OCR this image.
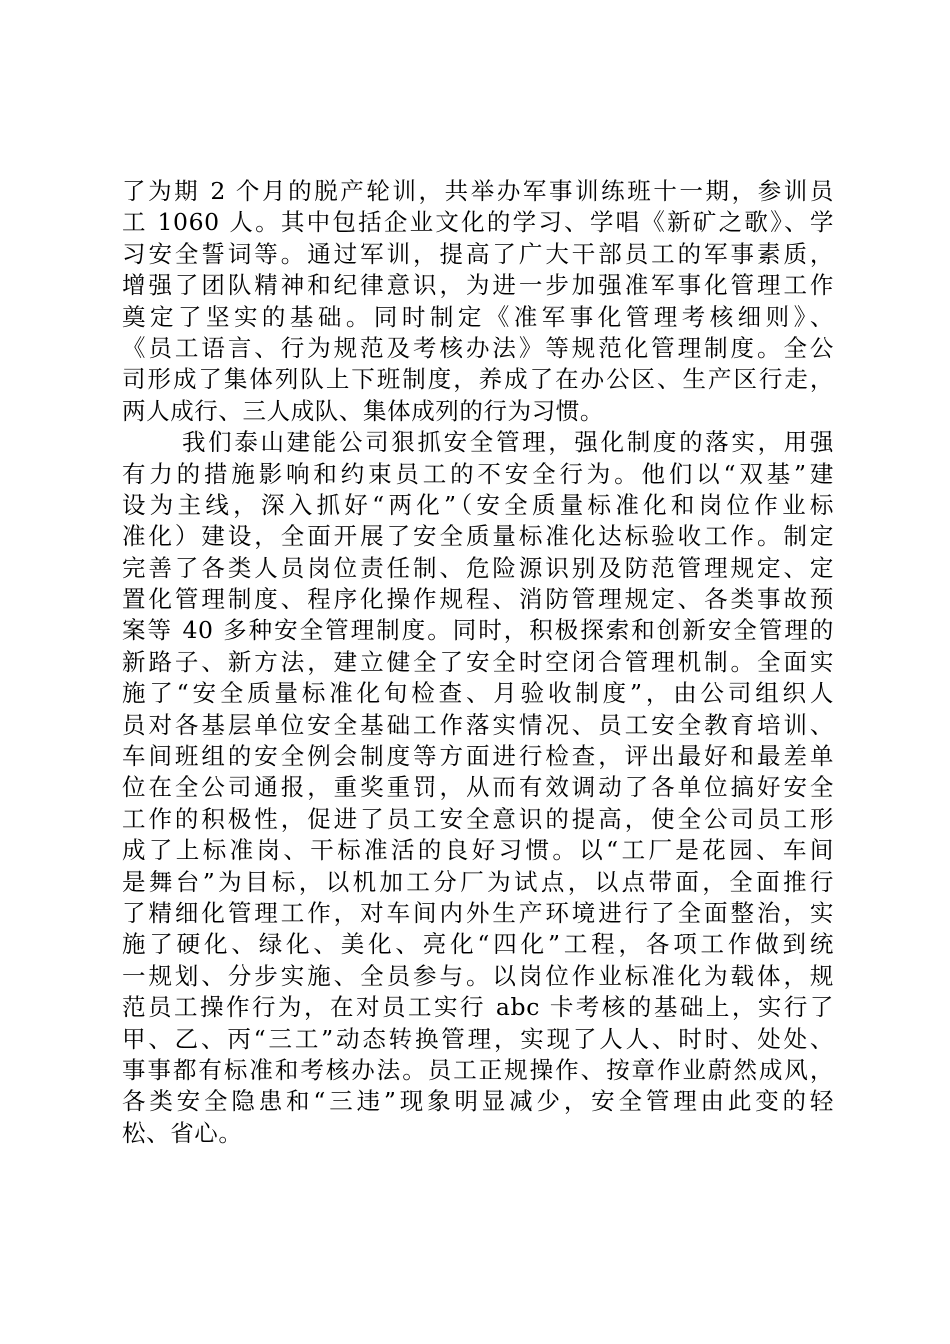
了为期 2 个月的脱产轮训，共举办军事训练班十一期，参训员
工 1060 人。其中包括企业文化的学习、学唱《新矿之歌》、学
习安全誓词等。通过军训，提高了广大干部员工的军事素质，
增强了团队精神和纪律意识，为进一步加强准军事化管理工作
奠定了坚实的基础。同时制定《准军事化管理考核细则》、
《员工语言、行为规范及考核办法》等规范化管理制度。全公
司形成了集体列队上下班制度，养成了在办公区、生产区行走，
两人成行、三人成队、集体成列的行为习惯。
我们泰山建能公司狠抓安全管理，强化制度的落实，用强
有力的措施影响和约束员工的不安全行为。他们以“双基”建
设为主线，深入抓好“两化”（安全质量标准化和岗位作业标
准化）建设，全面开展了安全质量标准化达标验收工作。制定
完善了各类人员岗位责任制、危险源识别及防范管理规定、定
置化管理制度、程序化操作规程、消防管理规定、各类事故预
案等 40 多种安全管理制度。同时，积极探索和创新安全管理的
新路子、新方法，建立健全了安全时空闭合管理机制。全面实
施了“安全质量标准化旬检查、月验收制度”，由公司组织人
员对各基层单位安全基础工作落实情况、员工安全教育培训、
车间班组的安全例会制度等方面进行检查，评出最好和最差单
位在全公司通报，重奖重罚，从而有效调动了各单位搞好安全
工作的积极性，促进了员工安全意识的提高，使全公司员工形
成了上标准岗、干标准活的良好习惯。以“工厂是花园、车间
是舞台”为目标，以机加工分厂为试点，以点带面，全面推行
了精细化管理工作，对车间内外生产环境进行了全面整治，实
施了硬化、绿化、美化、亮化“四化”工程，各项工作做到统
一规划、分步实施、全员参与。以岗位作业标准化为载体，规
范员工操作行为，在对员工实行 abc 卡考核的基础上，实行了
甲、乙、丙“三工”动态转换管理，实现了人人、时时、处处、
事事都有标准和考核办法。员工正规操作、按章作业蔚然成风，
各类安全隐患和“三违”现象明显减少，安全管理由此变的轻
松、省心。
